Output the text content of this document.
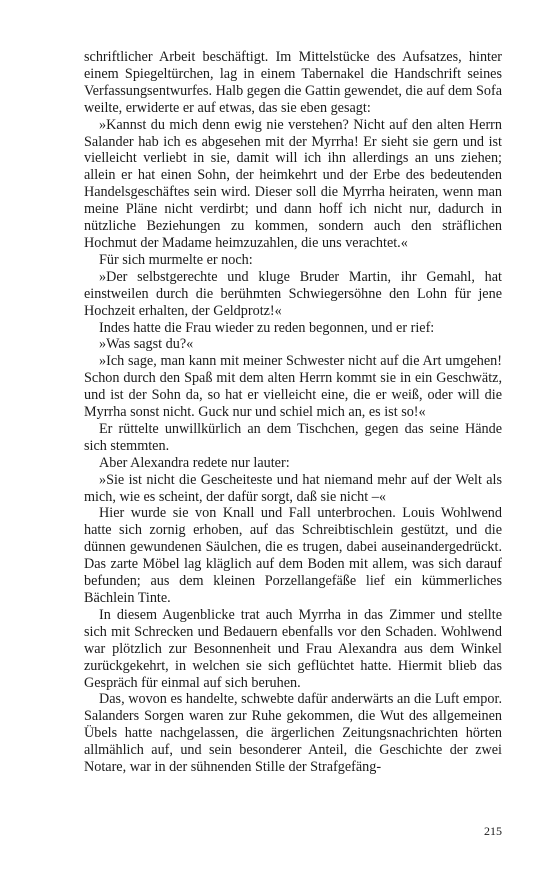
schriftlicher Arbeit beschäftigt. Im Mittelstücke des Aufsatzes, hinter einem Spiegeltürchen, lag in einem Tabernakel die Handschrift seines Verfassungsentwurfes. Halb gegen die Gattin gewendet, die auf dem Sofa weilte, erwiderte er auf etwas, das sie eben gesagt:

»Kannst du mich denn ewig nie verstehen? Nicht auf den alten Herrn Salander hab ich es abgesehen mit der Myrrha! Er sieht sie gern und ist vielleicht verliebt in sie, damit will ich ihn allerdings an uns ziehen; allein er hat einen Sohn, der heimkehrt und der Erbe des bedeutenden Handelsgeschäftes sein wird. Dieser soll die Myrrha heiraten, wenn man meine Pläne nicht verdirbt; und dann hoff ich nicht nur, dadurch in nützliche Beziehungen zu kommen, sondern auch den sträflichen Hochmut der Madame heimzuzahlen, die uns verachtet.«

Für sich murmelte er noch:

»Der selbstgerechte und kluge Bruder Martin, ihr Gemahl, hat einstweilen durch die berühmten Schwiegersöhne den Lohn für jene Hochzeit erhalten, der Geldprotz!«

Indes hatte die Frau wieder zu reden begonnen, und er rief:

»Was sagst du?«

»Ich sage, man kann mit meiner Schwester nicht auf die Art umgehen! Schon durch den Spaß mit dem alten Herrn kommt sie in ein Geschwätz, und ist der Sohn da, so hat er vielleicht eine, die er weiß, oder will die Myrrha sonst nicht. Guck nur und schiel mich an, es ist so!«

Er rüttelte unwillkürlich an dem Tischchen, gegen das seine Hände sich stemmten.

Aber Alexandra redete nur lauter:

»Sie ist nicht die Gescheiteste und hat niemand mehr auf der Welt als mich, wie es scheint, der dafür sorgt, daß sie nicht –«

Hier wurde sie von Knall und Fall unterbrochen. Louis Wohlwend hatte sich zornig erhoben, auf das Schreibtischlein gestützt, und die dünnen gewundenen Säulchen, die es trugen, dabei auseinandergedrückt. Das zarte Möbel lag kläglich auf dem Boden mit allem, was sich darauf befunden; aus dem kleinen Porzellangefäße lief ein kümmerliches Bächlein Tinte.

In diesem Augenblicke trat auch Myrrha in das Zimmer und stellte sich mit Schrecken und Bedauern ebenfalls vor den Schaden. Wohlwend war plötzlich zur Besonnenheit und Frau Alexandra aus dem Winkel zurückgekehrt, in welchen sie sich geflüchtet hatte. Hiermit blieb das Gespräch für einmal auf sich beruhen.

Das, wovon es handelte, schwebte dafür anderwärts an die Luft empor. Salanders Sorgen waren zur Ruhe gekommen, die Wut des allgemeinen Übels hatte nachgelassen, die ärgerlichen Zeitungsnachrichten hörten allmählich auf, und sein besonderer Anteil, die Geschichte der zwei Notare, war in der sühnenden Stille der Strafgefäng-

215
